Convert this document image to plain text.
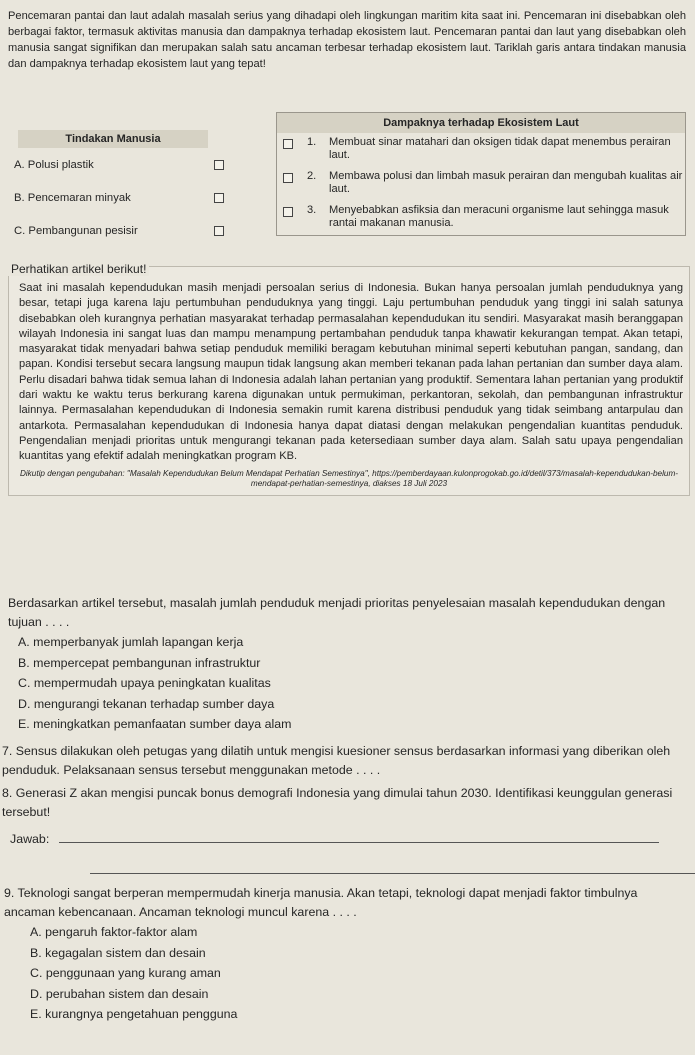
Pencemaran pantai dan laut adalah masalah serius yang dihadapi oleh lingkungan maritim kita saat ini. Pencemaran ini disebabkan oleh berbagai faktor, termasuk aktivitas manusia dan dampaknya terhadap ekosistem laut. Pencemaran pantai dan laut yang disebabkan oleh manusia sangat signifikan dan merupakan salah satu ancaman terbesar terhadap ekosistem laut. Tariklah garis antara tindakan manusia dan dampaknya terhadap ekosistem laut yang tepat!
Tindakan Manusia
A. Polusi plastik
B. Pencemaran minyak
C. Pembangunan pesisir
Dampaknya terhadap Ekosistem Laut
1.	Membuat sinar matahari dan oksigen tidak dapat menembus perairan laut.
2.	Membawa polusi dan limbah masuk perairan dan mengubah kualitas air laut.
3.	Menyebabkan asfiksia dan meracuni organisme laut sehingga masuk rantai makanan manusia.
Saat ini masalah kependudukan masih menjadi persoalan serius di Indonesia. Bukan hanya persoalan jumlah penduduknya yang besar, tetapi juga karena laju pertumbuhan penduduknya yang tinggi. Laju pertumbuhan penduduk yang tinggi ini salah satunya disebabkan oleh kurangnya perhatian masyarakat terhadap permasalahan kependudukan itu sendiri. Masyarakat masih beranggapan wilayah Indonesia ini sangat luas dan mampu menampung pertambahan penduduk tanpa khawatir kekurangan tempat. Akan tetapi, masyarakat tidak menyadari bahwa setiap penduduk memiliki beragam kebutuhan minimal seperti kebutuhan pangan, sandang, dan papan. Kondisi tersebut secara langsung maupun tidak langsung akan memberi tekanan pada lahan pertanian dan sumber daya alam. Perlu disadari bahwa tidak semua lahan di Indonesia adalah lahan pertanian yang produktif. Sementara lahan pertanian yang produktif dari waktu ke waktu terus berkurang karena digunakan untuk permukiman, perkantoran, sekolah, dan pembangunan infrastruktur lainnya. Permasalahan kependudukan di Indonesia semakin rumit karena distribusi penduduk yang tidak seimbang antarpulau dan antarkota. Permasalahan kependudukan di Indonesia hanya dapat diatasi dengan melakukan pengendalian kuantitas penduduk. Pengendalian menjadi prioritas untuk mengurangi tekanan pada ketersediaan sumber daya alam. Salah satu upaya pengendalian kuantitas yang efektif adalah meningkatkan program KB.
Dikutip dengan pengubahan: "Masalah Kependudukan Belum Mendapat Perhatian Semestinya", https://pemberdayaan.kulonprogokab.go.id/detil/373/masalah-kependudukan-belum-mendapat-perhatian-semestinya, diakses 18 Juli 2023
Perhatikan artikel berikut!
Berdasarkan artikel tersebut, masalah jumlah penduduk menjadi prioritas penyelesaian masalah kependudukan dengan tujuan . . . .
A. memperbanyak jumlah lapangan kerja
B. mempercepat pembangunan infrastruktur
C. mempermudah upaya peningkatan kualitas
D. mengurangi tekanan terhadap sumber daya
E. meningkatkan pemanfaatan sumber daya alam
7. Sensus dilakukan oleh petugas yang dilatih untuk mengisi kuesioner sensus berdasarkan informasi yang diberikan oleh penduduk. Pelaksanaan sensus tersebut menggunakan metode . . . .
8. Generasi Z akan mengisi puncak bonus demografi Indonesia yang dimulai tahun 2030. Identifikasi keunggulan generasi tersebut!
Jawab:
9. Teknologi sangat berperan mempermudah kinerja manusia. Akan tetapi, teknologi dapat menjadi faktor timbulnya ancaman kebencanaan. Ancaman teknologi muncul karena . . . .
A. pengaruh faktor-faktor alam
B. kegagalan sistem dan desain
C. penggunaan yang kurang aman
D. perubahan sistem dan desain
E. kurangnya pengetahuan pengguna
